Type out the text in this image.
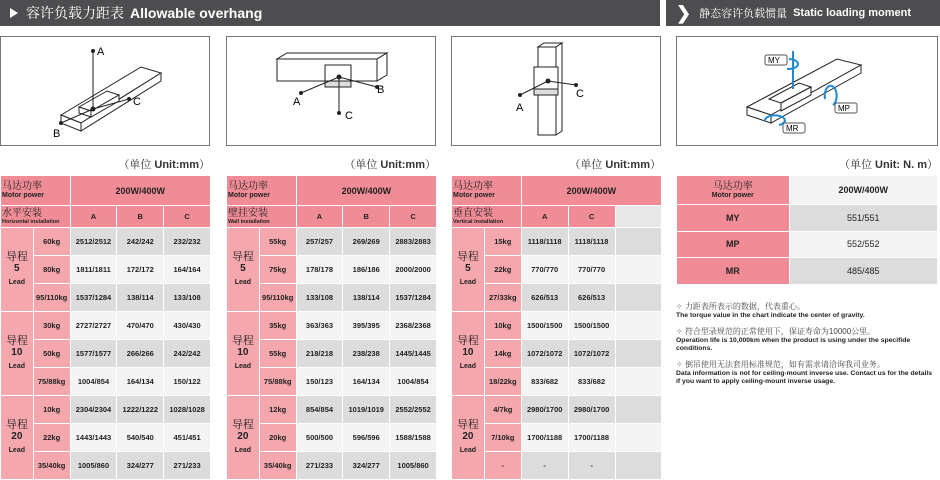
容许负载力距表 Allowable overhang	❯ 静态容许负载惯量 Static loading moment
A
B
C	A
B
C
A
C
MY
MP
MR
（单位 Unit:mm）	（单位 Unit:mm）	（单位 Unit:mm）	（单位 Unit: N. m）
马达功率
Motor power		200W/400W		

水平安装
Horizontal installation		A	B	C
导程
5
Lead	60kg	2512/2512	242/242	232/232
	80kg	1811/1811	172/172	164/164
	95/110kg	1537/1284	138/114	133/108
导程
10
Lead	30kg	2727/2727	470/470	430/430
	50kg	1577/1577	266/266	242/242
	75/88kg	1004/854	164/134	150/122
导程
20
Lead	10kg	2304/2304	1222/1222	1028/1028
	22kg	1443/1443	540/540	451/451
	35/40kg	1005/860	324/277	271/233
马达功率
Motor power		200W/400W		

壁挂安装
Wall installation		A	B	C
导程
5
Lead	55kg	257/257	269/269	2883/2883
	75kg	178/178	186/186	2000/2000
	95/110kg	133/108	138/114	1537/1284
导程
10
Lead	35kg	363/363	395/395	2368/2368
	55kg	218/218	238/238	1445/1445
	75/88kg	150/123	164/134	1004/854
导程
20
Lead	12kg	854/854	1019/1019	2552/2552
	20kg	500/500	596/596	1588/1588
	35/40kg	271/233	324/277	1005/860
马达功率
Motor power		200W/400W		

垂直安装
Vertical installation		A	C	
导程
5
Lead	15kg	1118/1118	1118/1118	
	22kg	770/770	770/770	
	27/33kg	626/513	626/513	
导程
10
Lead	10kg	1500/1500	1500/1500	
	14kg	1072/1072	1072/1072	
	18/22kg	833/682	833/682	
导程
20
Lead	4/7kg	2980/1700	2980/1700	
	7/10kg	1700/1188	1700/1188	
	-	-	-	
马达功率
Motor power	200W/400W
MY	551/551
MP	552/552
MR	485/485
✧ 力距表所表示的数据，代表重心。
The torque value in the chart indicate the center of gravity.
✧ 符合型录规范的正常使用下，保证寿命为10000公里。
Operation life is 10,000km when the product is using under the specifide conditions.
✧ 倒吊使用无法套用标准规范，如有需求请洽询我司业务。
Data information is not for ceiling-mount inverse use. Contact us for the details if you want to apply ceiling-mount inverse usage.
